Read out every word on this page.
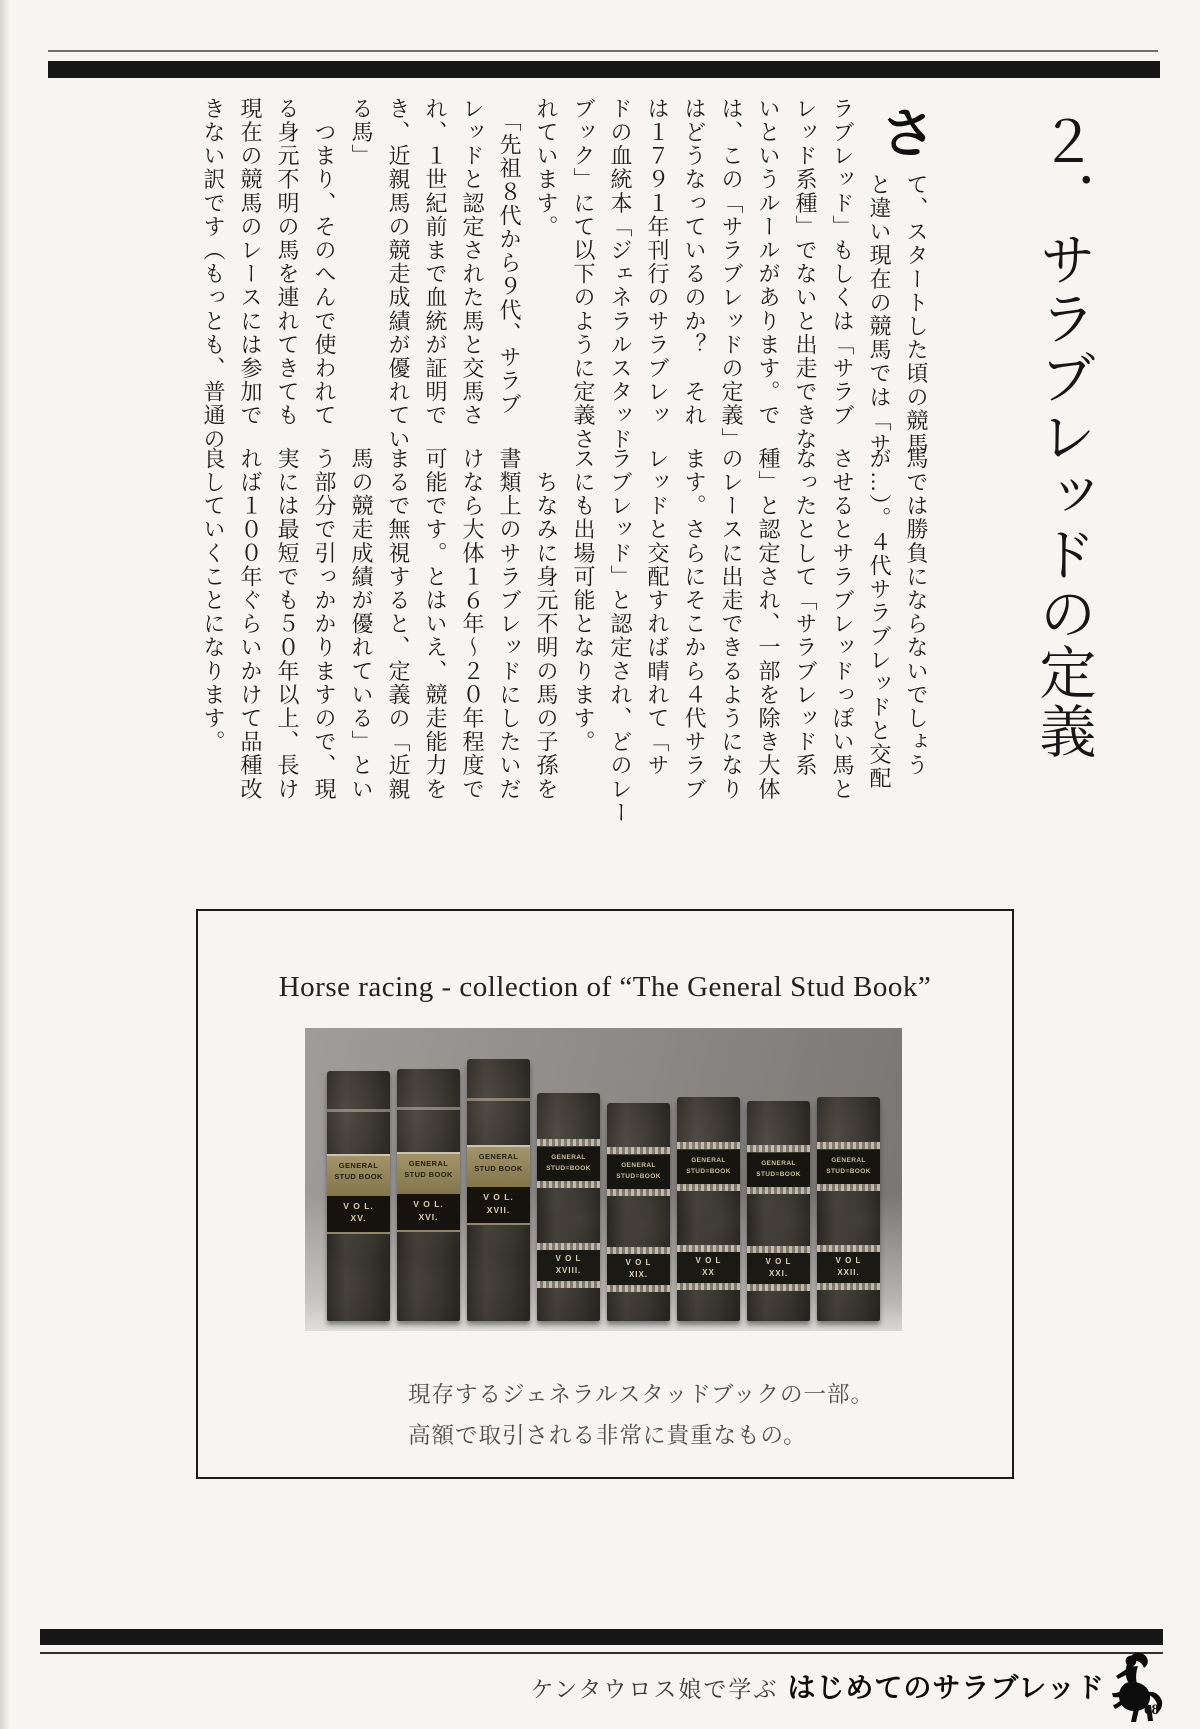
２．サラブレッドの定義
さ
て、スタートした頃の競馬
と違い現在の競馬では「サ
ラブレッド」もしくは「サラブ
レッド系種」でないと出走できな
いというルールがあります。で
は、この「サラブレッドの定義」
はどうなっているのか？　それ
は１７９１年刊行のサラブレッ
ドの血統本「ジェネラルスタッド
ブック」にて以下のように定義さ
れています。
　「先祖８代から９代、サラブ
レッドと認定された馬と交馬さ
れ、１世紀前まで血統が証明で
き、近親馬の競走成績が優れてい
る馬」
　つまり、そのへんで使われて
る身元不明の馬を連れてきても
現在の競馬のレースには参加で
きない訳です（もっとも、普通の
馬では勝負にならないでしょう
が…）。４代サラブレッドと交配
させるとサラブレッドっぽい馬と
なったとして「サラブレッド系
種」と認定され、一部を除き大体
のレースに出走できるようになり
ます。さらにそこから４代サラブ
レッドと交配すれば晴れて「サ
ラブレッド」と認定され、どのレー
スにも出場可能となります。
　ちなみに身元不明の馬の子孫を
書類上のサラブレッドにしたいだ
けなら大体１６年～２０年程度で
可能です。とはいえ、競走能力を
まるで無視すると、定義の「近親
馬の競走成績が優れている」とい
う部分で引っかかりますので、現
実には最短でも５０年以上、長け
れば１００年ぐらいかけて品種改
良していくことになります。
Horse racing - collection of “The General Stud Book”
GENERAL
STUD BOOK
V O L.
XV.
GENERAL
STUD BOOK
V O L.
XVI.
GENERAL
STUD BOOK
V O L.
XVII.
GENERAL
STUD=BOOK
V O L
XVIII.
GENERAL
STUD=BOOK
V O L
XIX.
GENERAL
STUD=BOOK
V O L
XX
GENERAL
STUD=BOOK
V O L
XXI.
GENERAL
STUD=BOOK
V O L
XXII.
現存するジェネラルスタッドブックの一部。
高額で取引される非常に貴重なもの。
ケンタウロス娘で学ぶ はじめてのサラブレッド
08
